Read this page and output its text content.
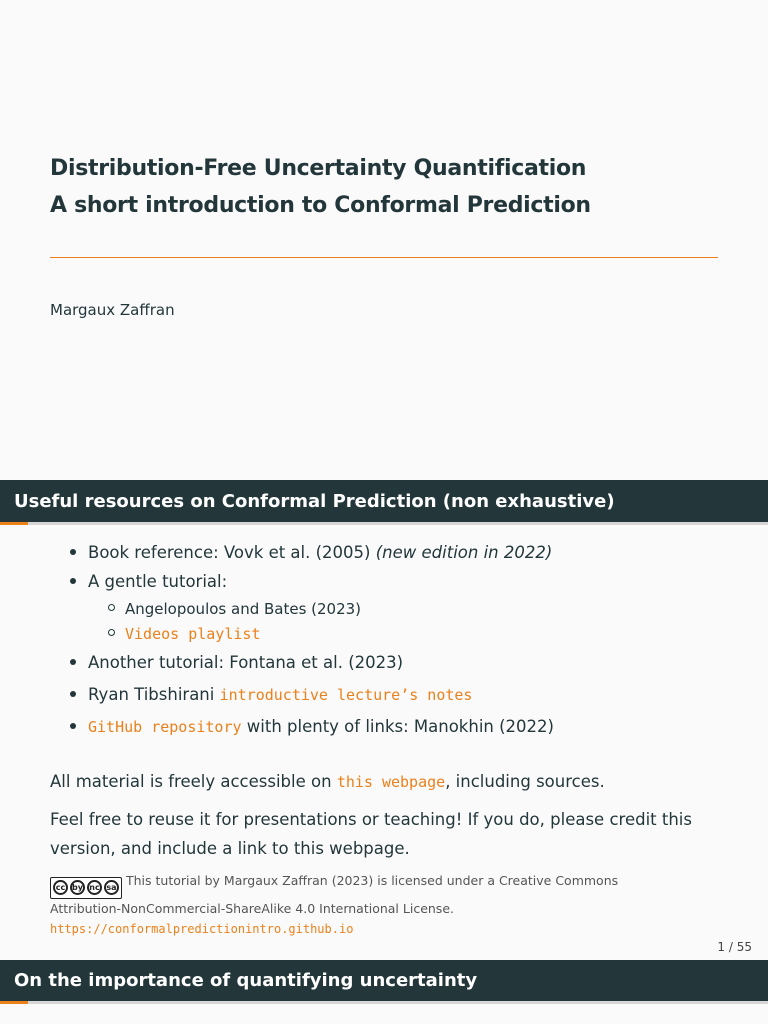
Distribution-Free Uncertainty Quantification
A short introduction to Conformal Prediction
Margaux Zaffran
Useful resources on Conformal Prediction (non exhaustive)
Book reference: Vovk et al. (2005) (new edition in 2022)
A gentle tutorial:
Angelopoulos and Bates (2023)
Videos playlist
Another tutorial: Fontana et al. (2023)
Ryan Tibshirani introductive lecture’s notes
GitHub repository with plenty of links: Manokhin (2022)
All material is freely accessible on this webpage, including sources.
Feel free to reuse it for presentations or teaching! If you do, please credit this
version, and include a link to this webpage.
cc by nc sa This tutorial by Margaux Zaffran (2023) is licensed under a Creative Commons
Attribution-NonCommercial-ShareAlike 4.0 International License.
https://conformalpredictionintro.github.io
1 / 55
On the importance of quantifying uncertainty
